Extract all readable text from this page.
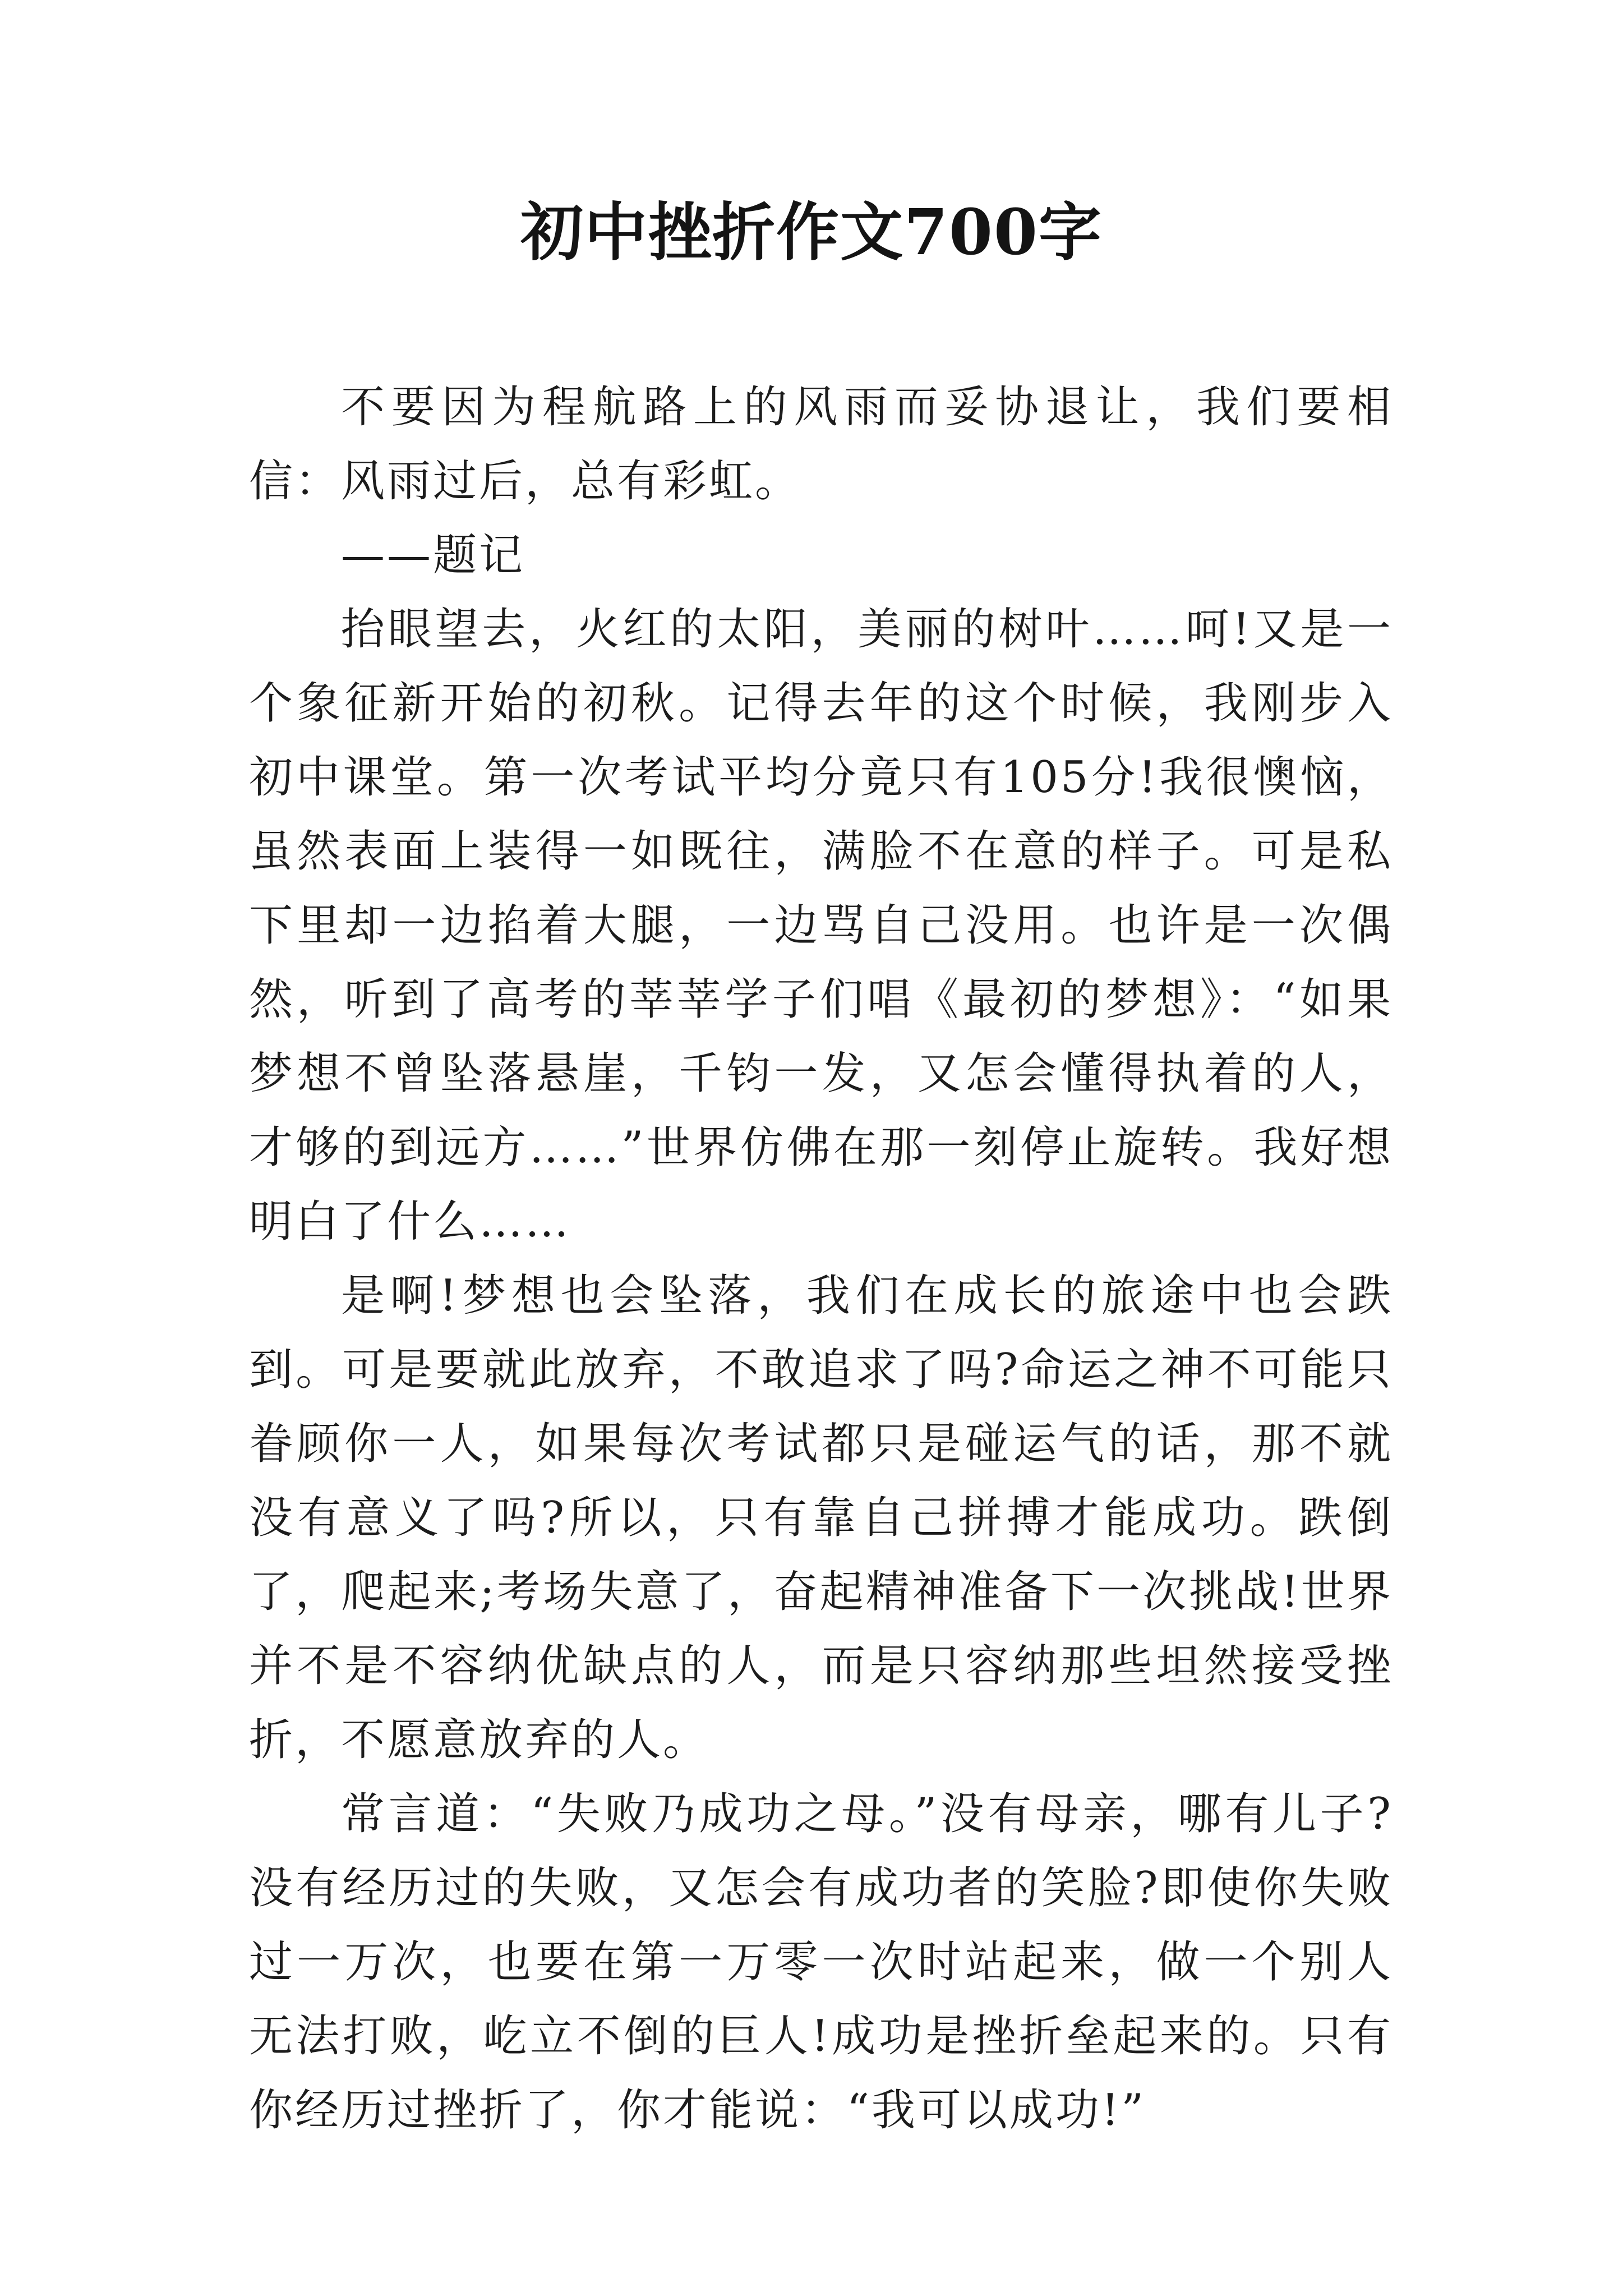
初中挫折作文700字

不要因为程航路上的风雨而妥协退让，我们要相信：风雨过后，总有彩虹。

——题记

抬眼望去，火红的太阳，美丽的树叶……呵!又是一个象征新开始的初秋。记得去年的这个时候，我刚步入初中课堂。第一次考试平均分竟只有105分!我很懊恼，虽然表面上装得一如既往，满脸不在意的样子。可是私下里却一边掐着大腿，一边骂自己没用。也许是一次偶然，听到了高考的莘莘学子们唱《最初的梦想》：“如果梦想不曾坠落悬崖，千钧一发，又怎会懂得执着的人，才够的到远方……”世界仿佛在那一刻停止旋转。我好想明白了什么……

是啊!梦想也会坠落，我们在成长的旅途中也会跌到。可是要就此放弃，不敢追求了吗?命运之神不可能只眷顾你一人，如果每次考试都只是碰运气的话，那不就没有意义了吗?所以，只有靠自己拼搏才能成功。跌倒了，爬起来;考场失意了，奋起精神准备下一次挑战!世界并不是不容纳优缺点的人，而是只容纳那些坦然接受挫折，不愿意放弃的人。

常言道：“失败乃成功之母。”没有母亲，哪有儿子?没有经历过的失败，又怎会有成功者的笑脸?即使你失败过一万次，也要在第一万零一次时站起来，做一个别人无法打败，屹立不倒的巨人!成功是挫折垒起来的。只有你经历过挫折了，你才能说：“我可以成功!”
